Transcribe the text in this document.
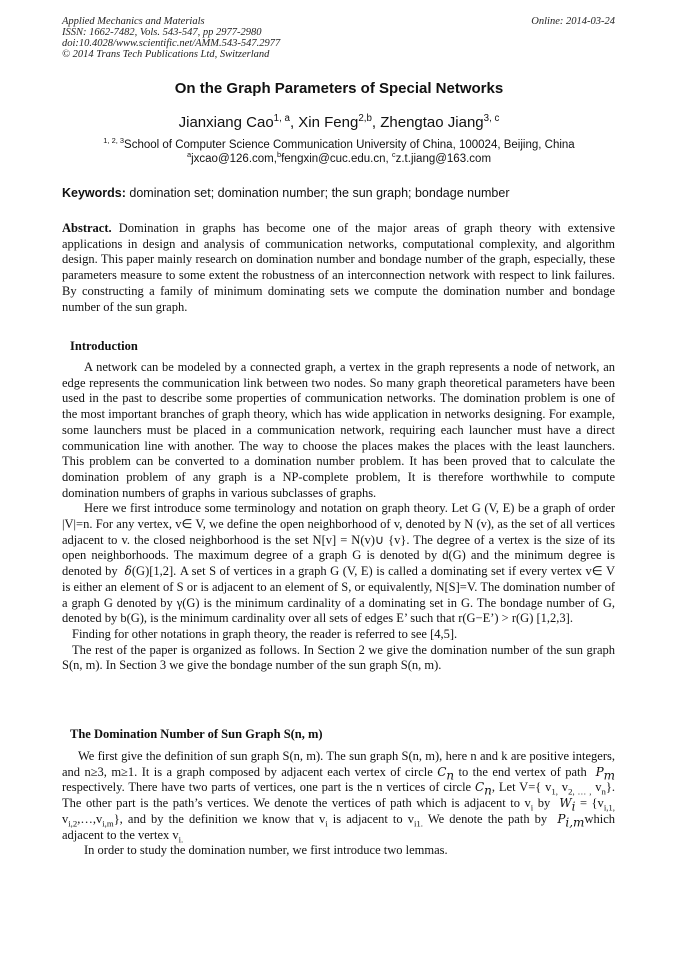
Applied Mechanics and Materials
ISSN: 1662-7482, Vols. 543-547, pp 2977-2980
doi:10.4028/www.scientific.net/AMM.543-547.2977
© 2014 Trans Tech Publications Ltd, Switzerland
Online: 2014-03-24
On the Graph Parameters of Special Networks
Jianxiang Cao$^{1, a}$, Xin Feng$^{2,b}$, Zhengtao Jiang$^{3, c}$
$^{1, 2, 3}$School of Computer Science Communication University of China, 100024, Beijing, China
$^a$jxcao@126.com,$^b$fengxin@cuc.edu.cn, $^c$z.t.jiang@163.com
Keywords: domination set; domination number; the sun graph; bondage number

Abstract. Domination in graphs has become one of the major areas of graph theory with extensive applications in design and analysis of communication networks, computational complexity, and algorithm design. This paper mainly research on domination number and bondage number of the graph, especially, these parameters measure to some extent the robustness of an interconnection network with respect to link failures. By constructing a family of minimum dominating sets we compute the domination number and bondage number of the sun graph.

Introduction

A network can be modeled by a connected graph, a vertex in the graph represents a node of network, an edge represents the communication link between two nodes. So many graph theoretical parameters have been used in the past to describe some properties of communication networks. The domination problem is one of the most important branches of graph theory, which has wide application in networks designing. For example, some launchers must be placed in a communication network, requiring each launcher must have a direct communication line with another. The way to choose the places makes the places with the least launchers. This problem can be converted to a domination number problem. It has been proved that to calculate the domination problem of any graph is a NP-complete problem, It is therefore worthwhile to compute domination numbers of graphs in various subclasses of graphs.

Here we first introduce some terminology and notation on graph theory. Let G (V, E) be a graph of order |V|=n. For any vertex, v∈ V, we define the open neighborhood of v, denoted by N (v), as the set of all vertices adjacent to v. the closed neighborhood is the set N[v] = N(v)∪ {v}. The degree of a vertex is the size of its open neighborhoods. The maximum degree of a graph G is denoted by d(G) and the minimum degree is denoted by δ(G)[1,2]. A set S of vertices in a graph G (V, E) is called a dominating set if every vertex v∈ V is either an element of S or is adjacent to an element of S, or equivalently, N[S]=V. The domination number of a graph G denoted by γ(G) is the minimum cardinality of a dominating set in G. The bondage number of G, denoted by b(G), is the minimum cardinality over all sets of edges E’ such that r(G−E’) > r(G) [1,2,3].

Finding for other notations in graph theory, the reader is referred to see [4,5].

The rest of the paper is organized as follows. In Section 2 we give the domination number of the sun graph S(n, m). In Section 3 we give the bondage number of the sun graph S(n, m).

The Domination Number of Sun Graph S(n, m)

We first give the definition of sun graph S(n, m). The sun graph S(n, m), here n and k are positive integers, and n≥3, m≥1. It is a graph composed by adjacent each vertex of circle $C_n$ to the end vertex of path $P_m$ respectively. There have two parts of vertices, one part is the n vertices of circle $C_n$, Let V={ $v_{1,}$ $v_{2, \dots ,}$ $v_n$}. The other part is the path’s vertices. We denote the vertices of path which is adjacent to $v_i$ by $W_i = \{v_{i,1,}$ $v_{i,2},\dots,v_{i,m}$}, and by the definition we know that $v_i$ is adjacent to $v_{i1.}$ We denote the path by $P_{i,m}which$ adjacent to the vertex $v_{i.}$

In order to study the domination number, we first introduce two lemmas.
